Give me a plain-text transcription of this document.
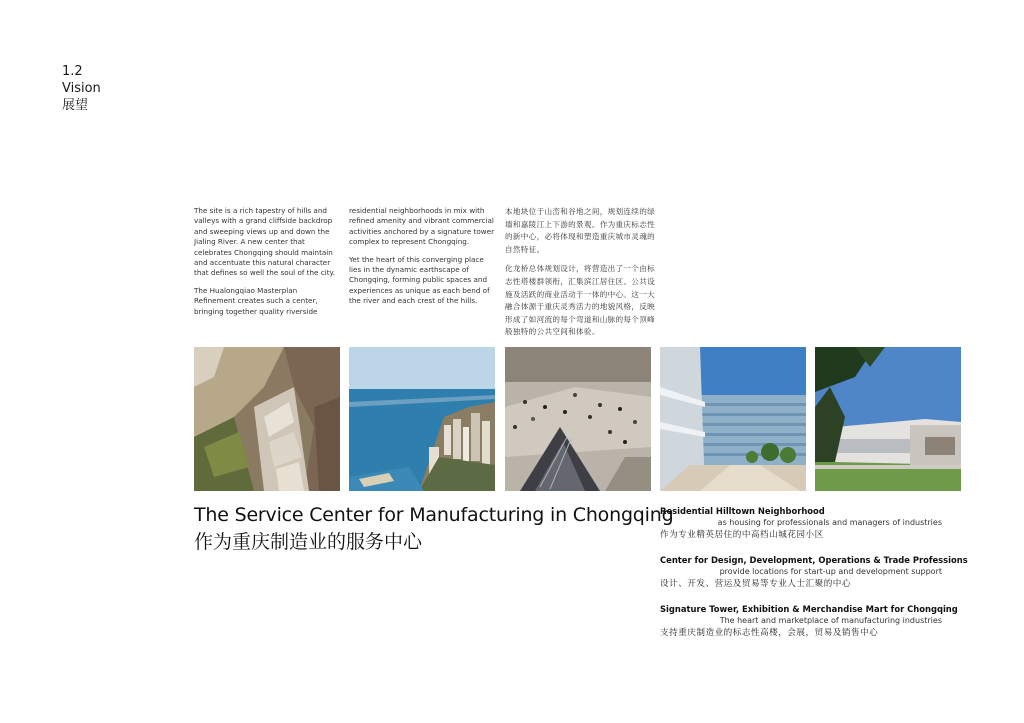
1.2
Vision
展望

The site is a rich tapestry of hills and valleys with a grand cliffside backdrop and sweeping views up and down the Jialing River. A new center that celebrates Chongqing should maintain and accentuate this natural character that defines so well the soul of the city.

The Hualongqiao Masterplan Refinement creates such a center, bringing together quality riverside

residential neighborhoods in mix with refined amenity and vibrant commercial activities anchored by a signature tower complex to represent Chongqing.

Yet the heart of this converging place lies in the dynamic earthscape of Chongqing, forming public spaces and experiences as unique as each bend of the river and each crest of the hills.

本地块位于山峦和谷地之间，规划连续的绿墙和嘉陵江上下游的景观。作为重庆标志性的新中心，必将体现和塑造重庆城市灵魂的自然特征。

化龙桥总体规划设计，将营造出了一个由标志性塔楼群领衔，汇集滨江居住区、公共设施及活跃的商业活动于一体的中心。这一大融合体源于重庆灵秀活力的地貌风格，反映形成了如河流的每个弯道和山脉的每个顶峰般独特的公共空间和体验。

The Service Center for Manufacturing in Chongqing
作为重庆制造业的服务中心
Residential Hilltown Neighborhood
as housing for professionals and managers of industries
作为专业精英居住的中高档山城花园小区
Center for Design, Development, Operations & Trade Professions
provide locations for start-up and development support
设计、开发、营运及贸易等专业人士汇聚的中心
Signature Tower, Exhibition & Merchandise Mart for Chongqing
The heart and marketplace of manufacturing industries
支持重庆制造业的标志性高楼，会展，贸易及销售中心
